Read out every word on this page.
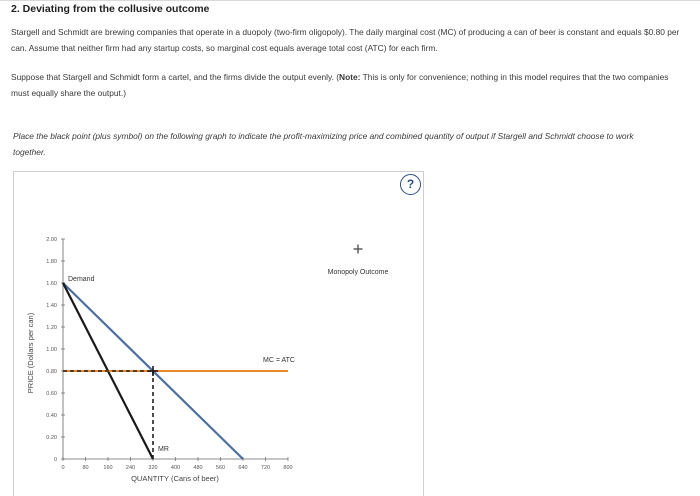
2. Deviating from the collusive outcome
Stargell and Schmidt are brewing companies that operate in a duopoly (two-firm oligopoly). The daily marginal cost (MC) of producing a can of beer is constant and equals $0.80 per can. Assume that neither firm had any startup costs, so marginal cost equals average total cost (ATC) for each firm.
Suppose that Stargell and Schmidt form a cartel, and the firms divide the output evenly. (Note: This is only for convenience; nothing in this model requires that the two companies must equally share the output.)
Place the black point (plus symbol) on the following graph to indicate the profit-maximizing price and combined quantity of output if Stargell and Schmidt choose to work together.
0
0.20
0.40
0.60
0.80
1.00
1.20
1.40
1.60
1.80
2.00
0	80	160 240 320 400 480 560 640 720 800
Demand
MR
MC = ATC
Monopoly Outcome
QUANTITY (Cans of beer)
PRICE (Dollars per can)
?
